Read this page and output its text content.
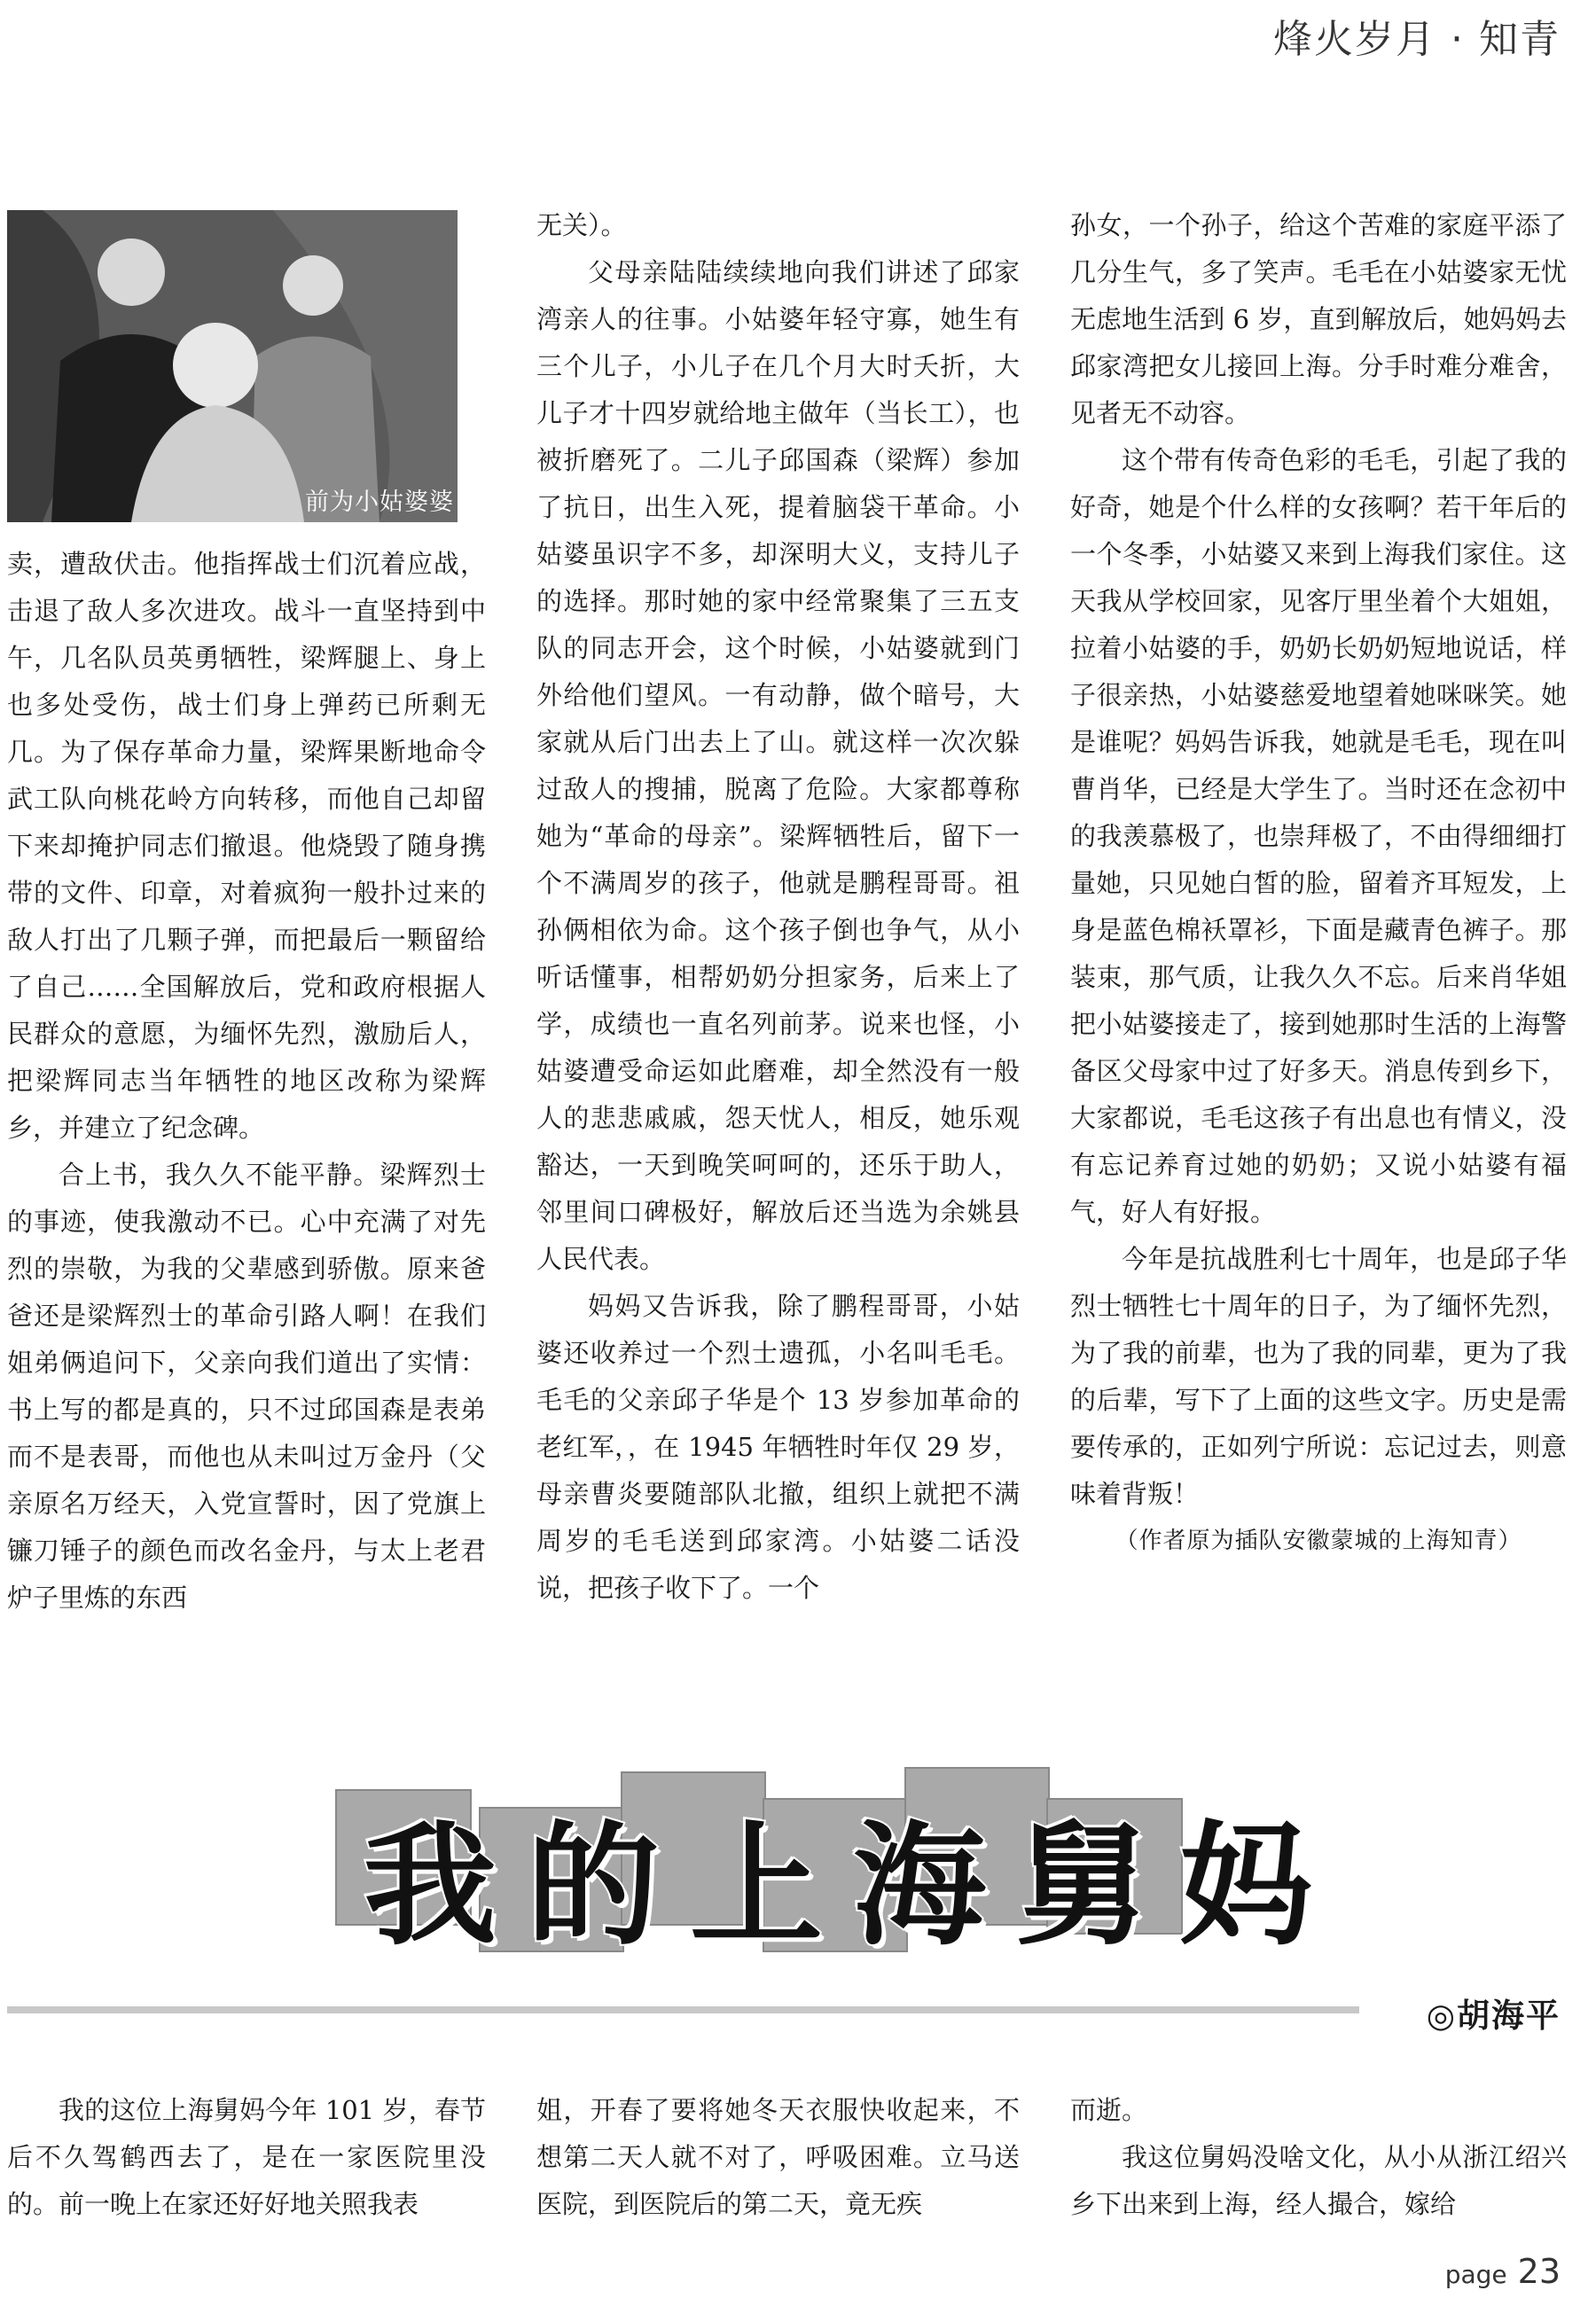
烽火岁月 · 知青
前为小姑婆婆

卖，遭敌伏击。他指挥战士们沉着应战，击退了敌人多次进攻。战斗一直坚持到中午，几名队员英勇牺牲，梁辉腿上、身上也多处受伤，战士们身上弹药已所剩无几。为了保存革命力量，梁辉果断地命令武工队向桃花岭方向转移，而他自己却留下来却掩护同志们撤退。他烧毁了随身携带的文件、印章，对着疯狗一般扑过来的敌人打出了几颗子弹，而把最后一颗留给了自己……全国解放后，党和政府根据人民群众的意愿，为缅怀先烈，激励后人，把梁辉同志当年牺牲的地区改称为梁辉乡，并建立了纪念碑。

合上书，我久久不能平静。梁辉烈士的事迹，使我激动不已。心中充满了对先烈的崇敬，为我的父辈感到骄傲。原来爸爸还是梁辉烈士的革命引路人啊！在我们姐弟俩追问下，父亲向我们道出了实情：书上写的都是真的，只不过邱国森是表弟而不是表哥，而他也从未叫过万金丹（父亲原名万经天，入党宣誓时，因了党旗上镰刀锤子的颜色而改名金丹，与太上老君炉子里炼的东西

无关）。

父母亲陆陆续续地向我们讲述了邱家湾亲人的往事。小姑婆年轻守寡，她生有三个儿子，小儿子在几个月大时夭折，大儿子才十四岁就给地主做年（当长工），也被折磨死了。二儿子邱国森（梁辉）参加了抗日，出生入死，提着脑袋干革命。小姑婆虽识字不多，却深明大义，支持儿子的选择。那时她的家中经常聚集了三五支队的同志开会，这个时候，小姑婆就到门外给他们望风。一有动静，做个暗号，大家就从后门出去上了山。就这样一次次躲过敌人的搜捕，脱离了危险。大家都尊称她为“革命的母亲”。梁辉牺牲后，留下一个不满周岁的孩子，他就是鹏程哥哥。祖孙俩相依为命。这个孩子倒也争气，从小听话懂事，相帮奶奶分担家务，后来上了学，成绩也一直名列前茅。说来也怪，小姑婆遭受命运如此磨难，却全然没有一般人的悲悲戚戚，怨天忧人，相反，她乐观豁达，一天到晚笑呵呵的，还乐于助人，邻里间口碑极好，解放后还当选为余姚县人民代表。

妈妈又告诉我，除了鹏程哥哥，小姑婆还收养过一个烈士遗孤，小名叫毛毛。毛毛的父亲邱子华是个 13 岁参加革命的老红军，，在 1945 年牺牲时年仅 29 岁，母亲曹炎要随部队北撤，组织上就把不满周岁的毛毛送到邱家湾。小姑婆二话没说，把孩子收下了。一个

孙女，一个孙子，给这个苦难的家庭平添了几分生气，多了笑声。毛毛在小姑婆家无忧无虑地生活到 6 岁，直到解放后，她妈妈去邱家湾把女儿接回上海。分手时难分难舍，见者无不动容。

这个带有传奇色彩的毛毛，引起了我的好奇，她是个什么样的女孩啊？若干年后的一个冬季，小姑婆又来到上海我们家住。这天我从学校回家，见客厅里坐着个大姐姐，拉着小姑婆的手，奶奶长奶奶短地说话，样子很亲热，小姑婆慈爱地望着她咪咪笑。她是谁呢？妈妈告诉我，她就是毛毛，现在叫曹肖华，已经是大学生了。当时还在念初中的我羡慕极了，也崇拜极了，不由得细细打量她，只见她白皙的脸，留着齐耳短发，上身是蓝色棉袄罩衫，下面是藏青色裤子。那装束，那气质，让我久久不忘。后来肖华姐把小姑婆接走了，接到她那时生活的上海警备区父母家中过了好多天。消息传到乡下，大家都说，毛毛这孩子有出息也有情义，没有忘记养育过她的奶奶；又说小姑婆有福气，好人有好报。

今年是抗战胜利七十周年，也是邱子华烈士牺牲七十周年的日子，为了缅怀先烈，为了我的前辈，也为了我的同辈，更为了我的后辈，写下了上面的这些文字。历史是需要传承的，正如列宁所说：忘记过去，则意味着背叛！

（作者原为插队安徽蒙城的上海知青）

我的上海舅妈
◎胡海平

我的这位上海舅妈今年 101 岁，春节后不久驾鹤西去了，是在一家医院里没的。前一晚上在家还好好地关照我表

姐，开春了要将她冬天衣服快收起来，不想第二天人就不对了，呼吸困难。立马送医院，到医院后的第二天，竟无疾

而逝。

我这位舅妈没啥文化，从小从浙江绍兴乡下出来到上海，经人撮合，嫁给

page 23
